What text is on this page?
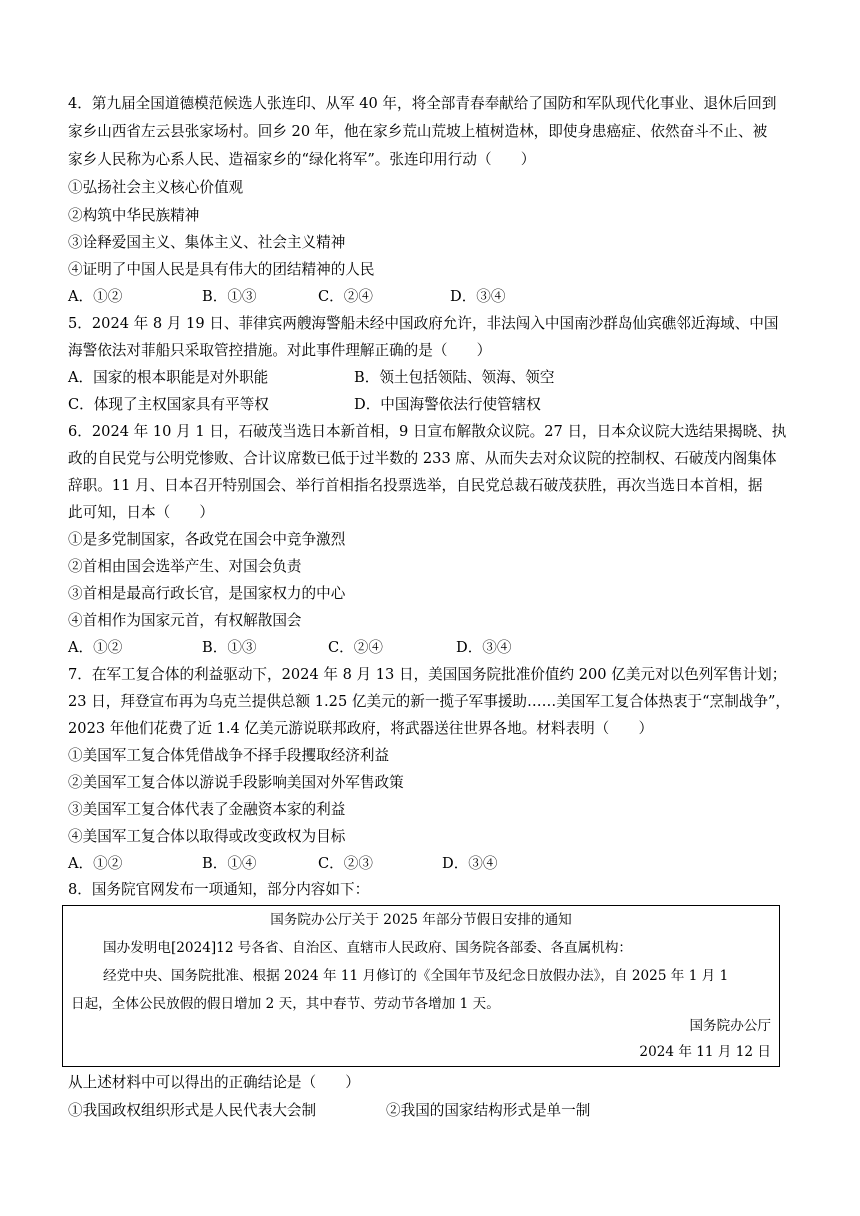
4．第九届全国道德模范候选人张连印、从军 40 年，将全部青春奉献给了国防和军队现代化事业、退休后回到
家乡山西省左云县张家场村。回乡 20 年，他在家乡荒山荒坡上植树造林，即使身患癌症、依然奋斗不止、被
家乡人民称为心系人民、造福家乡的“绿化将军”。张连印用行动（　　）
①弘扬社会主义核心价值观
②构筑中华民族精神
③诠释爱国主义、集体主义、社会主义精神
④证明了中国人民是具有伟大的团结精神的人民
A．①②	B．①③	C．②④	D．③④
5．2024 年 8 月 19 日、菲律宾两艘海警船未经中国政府允许，非法闯入中国南沙群岛仙宾礁邻近海域、中国
海警依法对菲船只采取管控措施。对此事件理解正确的是（　　）
A．国家的根本职能是对外职能	B．领土包括领陆、领海、领空
C．体现了主权国家具有平等权	D．中国海警依法行使管辖权
6．2024 年 10 月 1 日，石破茂当选日本新首相，9 日宣布解散众议院。27 日，日本众议院大选结果揭晓、执
政的自民党与公明党惨败、合计议席数已低于过半数的 233 席、从而失去对众议院的控制权、石破茂内阁集体
辞职。11 月、日本召开特别国会、举行首相指名投票选举，自民党总裁石破茂获胜，再次当选日本首相，据
此可知，日本（　　）
①是多党制国家，各政党在国会中竞争激烈
②首相由国会选举产生、对国会负责
③首相是最高行政长官，是国家权力的中心
④首相作为国家元首，有权解散国会
A．①②	B．①③	C．②④	D．③④
7．在军工复合体的利益驱动下，2024 年 8 月 13 日，美国国务院批准价值约 200 亿美元对以色列军售计划；
23 日，拜登宣布再为乌克兰提供总额 1.25 亿美元的新一揽子军事援助……美国军工复合体热衷于“烹制战争”，
2023 年他们花费了近 1.4 亿美元游说联邦政府，将武器送往世界各地。材料表明（　　）
①美国军工复合体凭借战争不择手段攫取经济利益
②美国军工复合体以游说手段影响美国对外军售政策
③美国军工复合体代表了金融资本家的利益
④美国军工复合体以取得或改变政权为目标
A．①②	B．①④	C．②③	D．③④
8．国务院官网发布一项通知，部分内容如下：
国务院办公厅关于 2025 年部分节假日安排的通知
国办发明电[2024]12 号各省、自治区、直辖市人民政府、国务院各部委、各直属机构：
经党中央、国务院批准、根据 2024 年 11 月修订的《全国年节及纪念日放假办法》，自 2025 年 1 月 1
日起，全体公民放假的假日增加 2 天，其中春节、劳动节各增加 1 天。
国务院办公厅
2024 年 11 月 12 日
从上述材料中可以得出的正确结论是（　　）
①我国政权组织形式是人民代表大会制	②我国的国家结构形式是单一制
